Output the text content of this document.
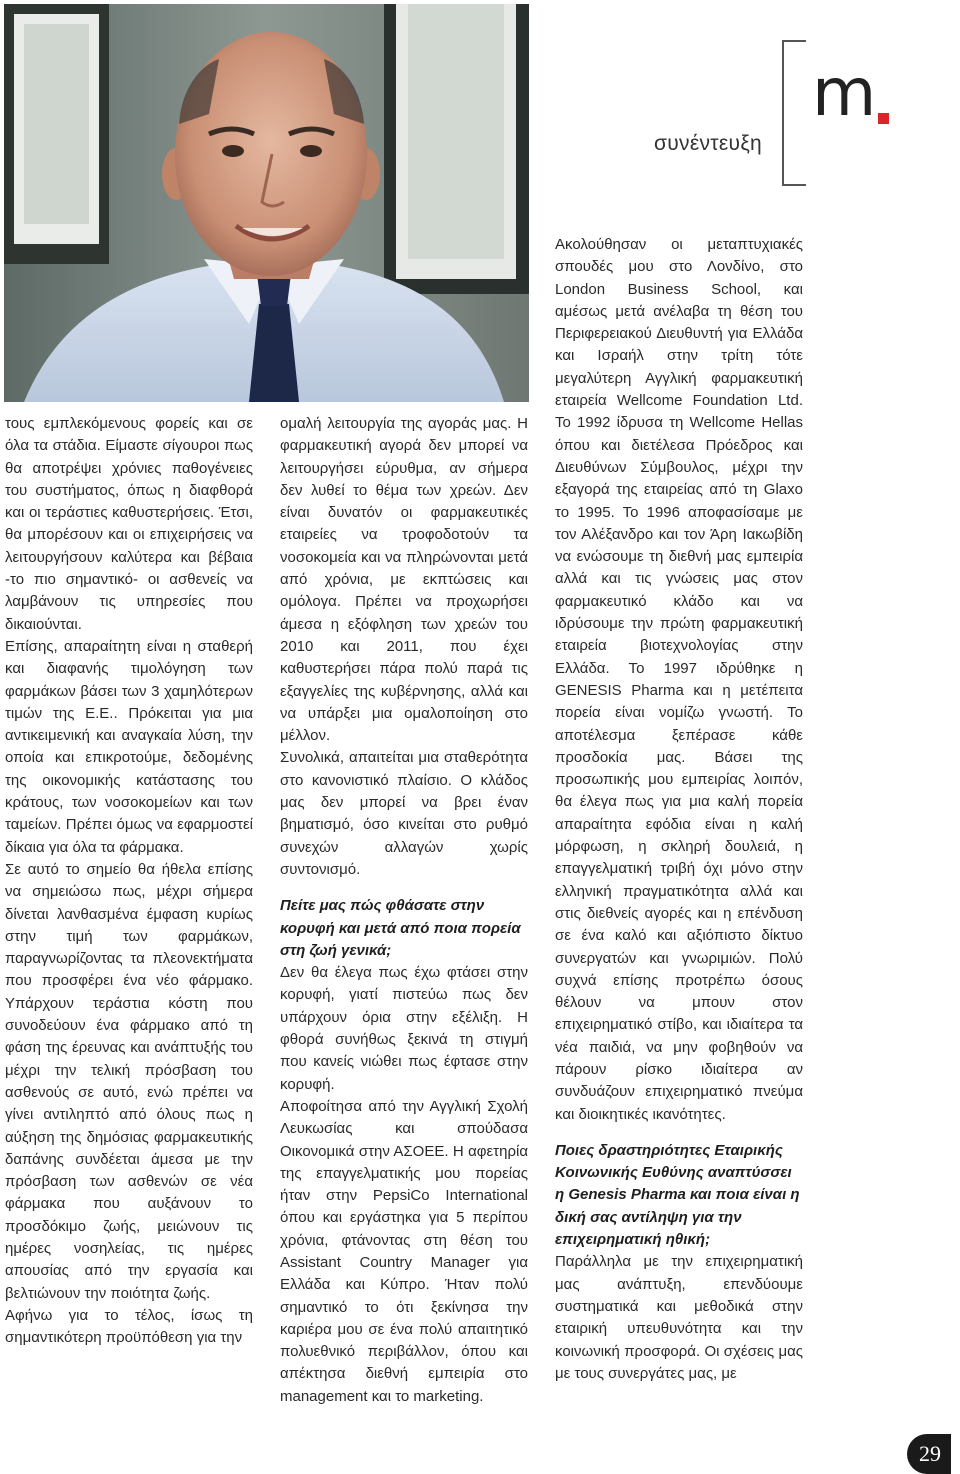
m
συνέντευξη

τους εμπλεκόμενους φορείς και σε όλα τα στάδια. Είμαστε σίγουροι πως θα αποτρέψει χρόνιες παθογένειες του συστήματος, όπως η διαφθορά και οι τεράστιες καθυστερήσεις. Έτσι, θα μπορέσουν και οι επιχειρήσεις να λειτουργήσουν καλύτερα και βέβαια -το πιο σημαντικό- οι ασθενείς να λαμβάνουν τις υπηρεσίες που δικαιούνται.

Επίσης, απαραίτητη είναι η σταθερή και διαφανής τιμολόγηση των φαρμάκων βάσει των 3 χαμηλότερων τιμών της Ε.Ε.. Πρόκειται για μια αντικειμενική και αναγκαία λύση, την οποία και επικροτούμε, δεδομένης της οικονομικής κατάστασης του κράτους, των νοσοκομείων και των ταμείων. Πρέπει όμως να εφαρμοστεί δίκαια για όλα τα φάρμακα.

Σε αυτό το σημείο θα ήθελα επίσης να σημειώσω πως, μέχρι σήμερα δίνεται λανθασμένα έμφαση κυρίως στην τιμή των φαρμάκων, παραγνωρίζοντας τα πλεονεκτήματα που προσφέρει ένα νέο φάρμακο. Υπάρχουν τεράστια κόστη που συνοδεύουν ένα φάρμακο από τη φάση της έρευνας και ανάπτυξής του μέχρι την τελική πρόσβαση του ασθενούς σε αυτό, ενώ πρέπει να γίνει αντιληπτό από όλους πως η αύξηση της δημόσιας φαρμακευτικής δαπάνης συνδέεται άμεσα με την πρόσβαση των ασθενών σε νέα φάρμακα που αυξάνουν το προσδόκιμο ζωής, μειώνουν τις ημέρες νοσηλείας, τις ημέρες απουσίας από την εργασία και βελτιώνουν την ποιότητα ζωής.

Αφήνω για το τέλος, ίσως τη σημαντικότερη προϋπόθεση για την

ομαλή λειτουργία της αγοράς μας. Η φαρμακευτική αγορά δεν μπορεί να λειτουργήσει εύρυθμα, αν σήμερα δεν λυθεί το θέμα των χρεών. Δεν είναι δυνατόν οι φαρμακευτικές εταιρείες να τροφοδοτούν τα νοσοκομεία και να πληρώνονται μετά από χρόνια, με εκπτώσεις και ομόλογα. Πρέπει να προχωρήσει άμεσα η εξόφληση των χρεών του 2010 και 2011, που έχει καθυστερήσει πάρα πολύ παρά τις εξαγγελίες της κυβέρνησης, αλλά και να υπάρξει μια ομαλοποίηση στο μέλλον.

Συνολικά, απαιτείται μια σταθερότητα στο κανονιστικό πλαίσιο. Ο κλάδος μας δεν μπορεί να βρει έναν βηματισμό, όσο κινείται στο ρυθμό συνεχών αλλαγών χωρίς συντονισμό.

Πείτε μας πώς φθάσατε στην κορυφή και μετά από ποια πορεία στη ζωή γενικά;

Δεν θα έλεγα πως έχω φτάσει στην κορυφή, γιατί πιστεύω πως δεν υπάρχουν όρια στην εξέλιξη. Η φθορά συνήθως ξεκινά τη στιγμή που κανείς νιώθει πως έφτασε στην κορυφή.

Αποφοίτησα από την Αγγλική Σχολή Λευκωσίας και σπούδασα Οικονομικά στην ΑΣΟΕΕ. Η αφετηρία της επαγγελματικής μου πορείας ήταν στην PepsiCo International όπου και εργάστηκα για 5 περίπου χρόνια, φτάνοντας στη θέση του Assistant Country Manager για Ελλάδα και Κύπρο. Ήταν πολύ σημαντικό το ότι ξεκίνησα την καριέρα μου σε ένα πολύ απαιτητικό πολυεθνικό περιβάλλον, όπου και απέκτησα διεθνή εμπειρία στο management και το marketing.

Ακολούθησαν οι μεταπτυχιακές σπουδές μου στο Λονδίνο, στο London Business School, και αμέσως μετά ανέλαβα τη θέση του Περιφερειακού Διευθυντή για Ελλάδα και Ισραήλ στην τρίτη τότε μεγαλύτερη Αγγλική φαρμακευτική εταιρεία Wellcome Foundation Ltd. Το 1992 ίδρυσα τη Wellcome Hellas όπου και διετέλεσα Πρόεδρος και Διευθύνων Σύμβουλος, μέχρι την εξαγορά της εταιρείας από τη Glaxo το 1995. Το 1996 αποφασίσαμε με τον Αλέξανδρο και τον Άρη Ιακωβίδη να ενώσουμε τη διεθνή μας εμπειρία αλλά και τις γνώσεις μας στον φαρμακευτικό κλάδο και να ιδρύσουμε την πρώτη φαρμακευτική εταιρεία βιοτεχνολογίας στην Ελλάδα. Το 1997 ιδρύθηκε η GENESIS Pharma και η μετέπειτα πορεία είναι νομίζω γνωστή. Το αποτέλεσμα ξεπέρασε κάθε προσδοκία μας. Βάσει της προσωπικής μου εμπειρίας λοιπόν, θα έλεγα πως για μια καλή πορεία απαραίτητα εφόδια είναι η καλή μόρφωση, η σκληρή δουλειά, η επαγγελματική τριβή όχι μόνο στην ελληνική πραγματικότητα αλλά και στις διεθνείς αγορές και η επένδυση σε ένα καλό και αξιόπιστο δίκτυο συνεργατών και γνωριμιών. Πολύ συχνά επίσης προτρέπω όσους θέλουν να μπουν στον επιχειρηματικό στίβο, και ιδιαίτερα τα νέα παιδιά, να μην φοβηθούν να πάρουν ρίσκο ιδιαίτερα αν συνδυάζουν επιχειρηματικό πνεύμα και διοικητικές ικανότητες.

Ποιες δραστηριότητες Εταιρικής Κοινωνικής Ευθύνης αναπτύσσει η Genesis Pharma και ποια είναι η δική σας αντίληψη για την επιχειρηματική ηθική;

Παράλληλα με την επιχειρηματική μας ανάπτυξη, επενδύουμε συστηματικά και μεθοδικά στην εταιρική υπευθυνότητα και την κοινωνική προσφορά. Οι σχέσεις μας με τους συνεργάτες μας, με

29
